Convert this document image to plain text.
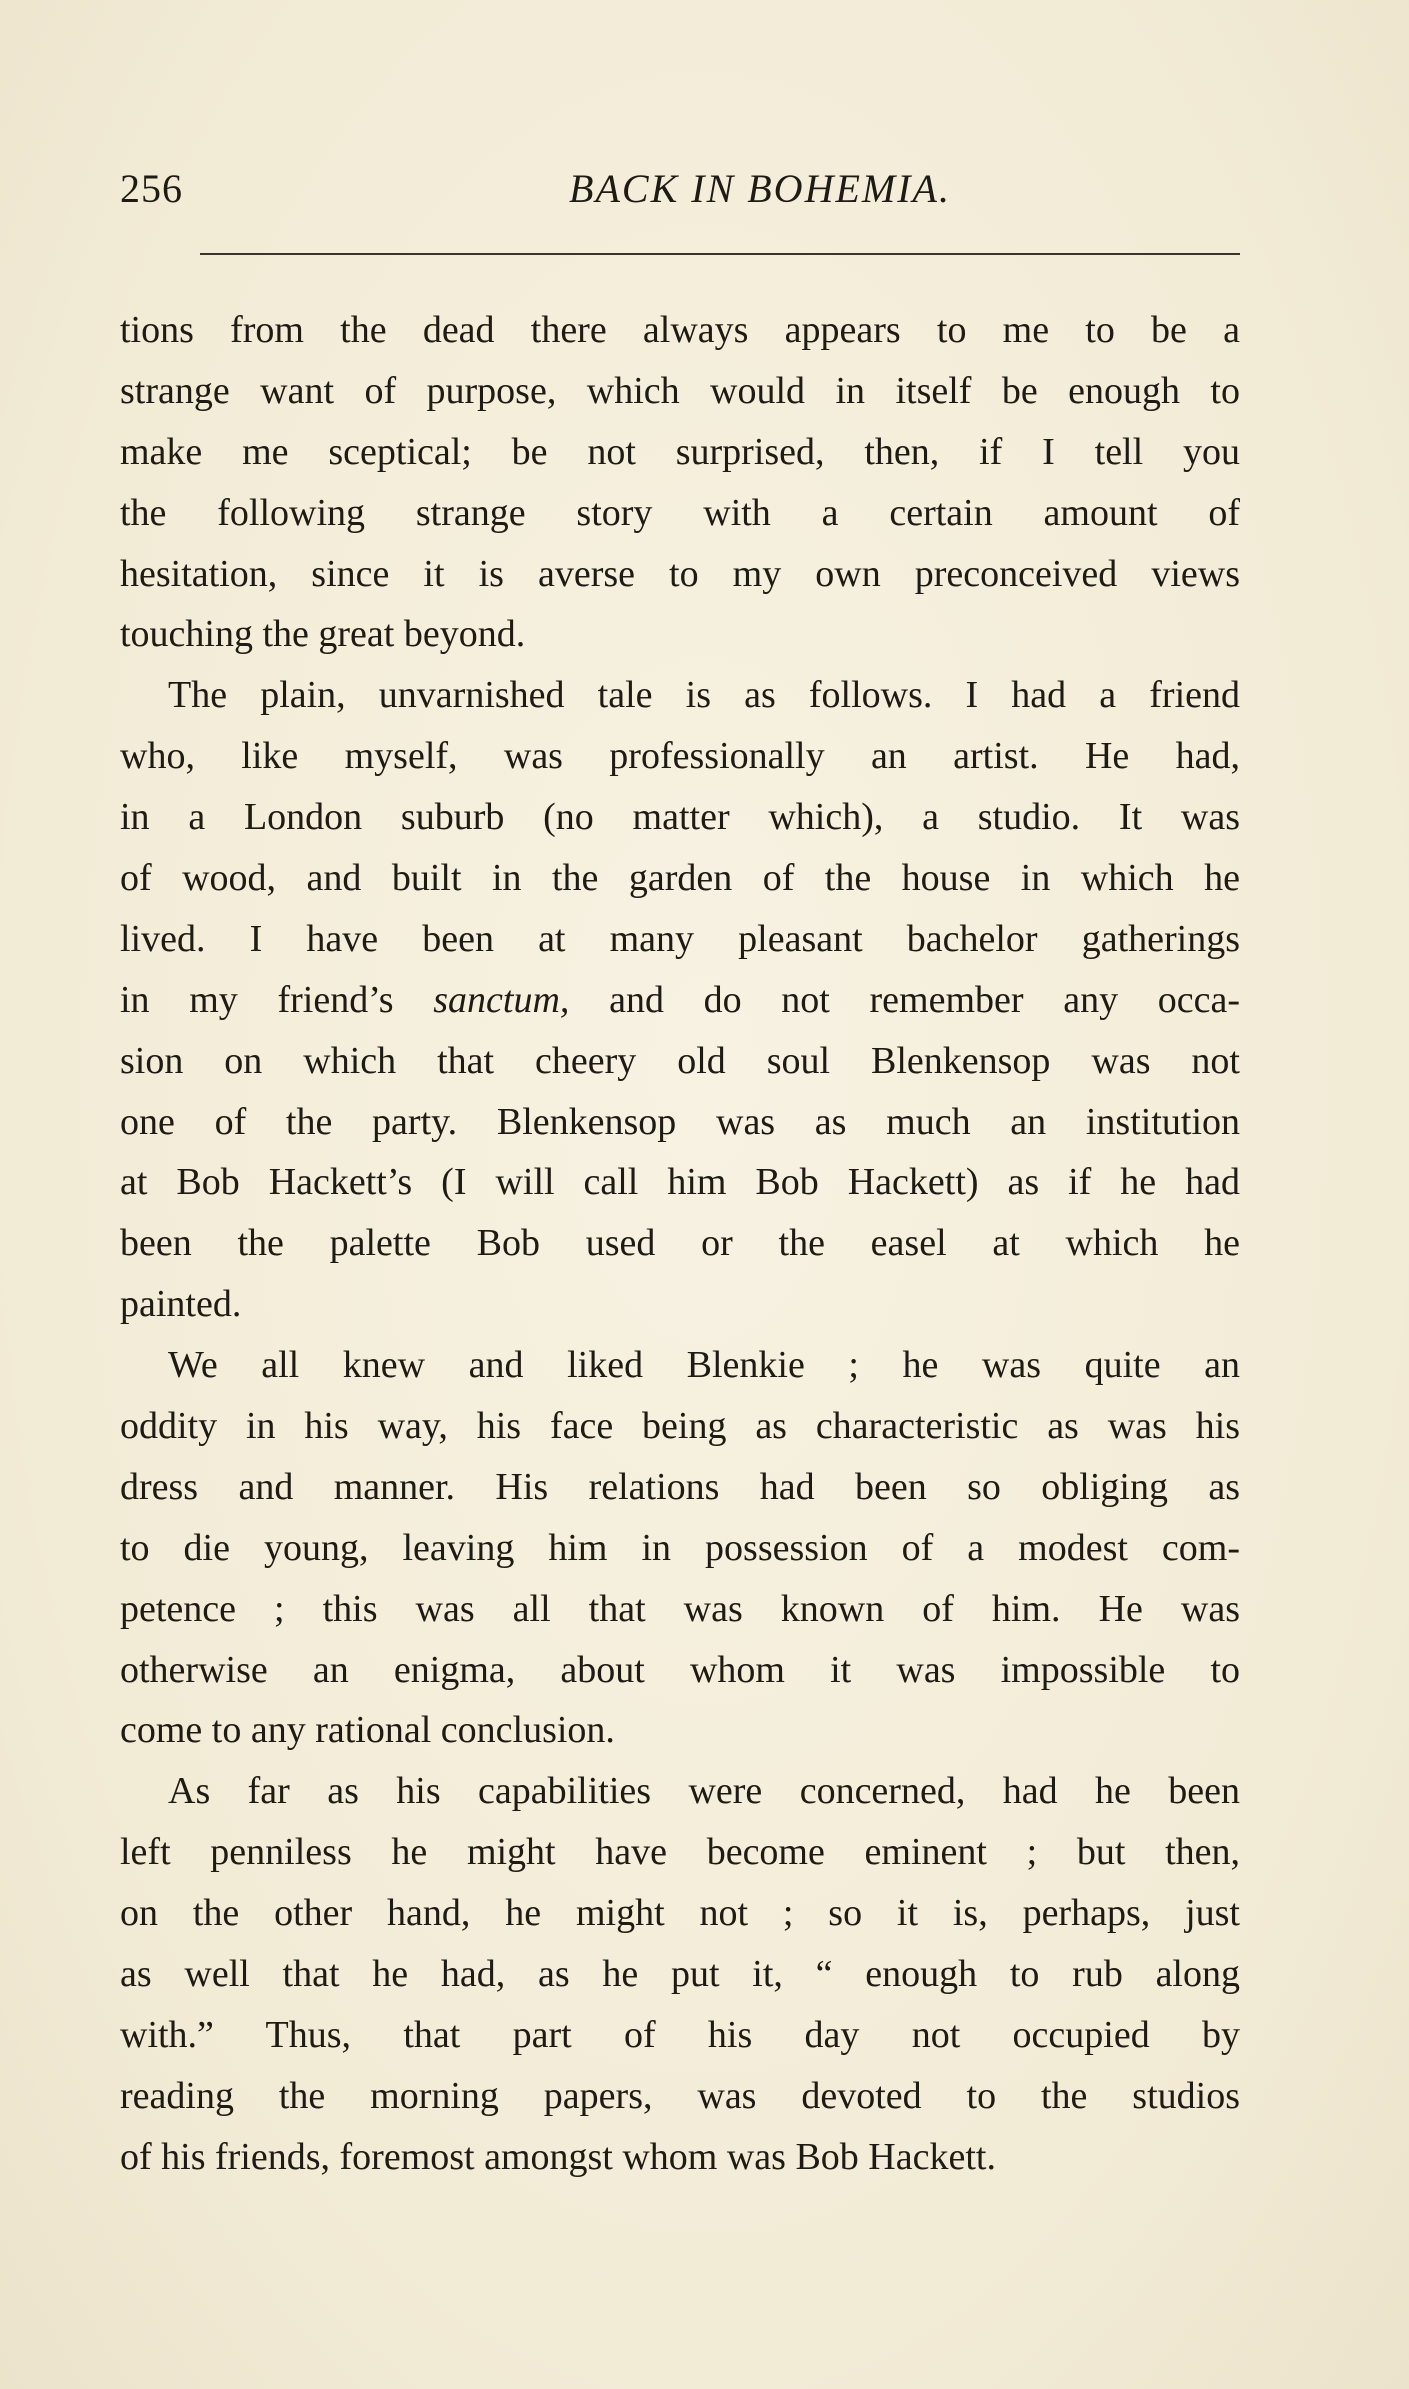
256	BACK IN BOHEMIA.
tions from the dead there always appears to me to be a
strange want of purpose, which would in itself be enough to
make me sceptical; be not surprised, then, if I tell you
the following strange story with a certain amount of
hesitation, since it is averse to my own preconceived views
touching the great beyond.
The plain, unvarnished tale is as follows. I had a friend
who, like myself, was professionally an artist. He had,
in a London suburb (no matter which), a studio. It was
of wood, and built in the garden of the house in which he
lived. I have been at many pleasant bachelor gatherings
in my friend’s sanctum, and do not remember any occa-
sion on which that cheery old soul Blenkensop was not
one of the party. Blenkensop was as much an institution
at Bob Hackett’s (I will call him Bob Hackett) as if he had
been the palette Bob used or the easel at which he
painted.
We all knew and liked Blenkie ; he was quite an
oddity in his way, his face being as characteristic as was his
dress and manner. His relations had been so obliging as
to die young, leaving him in possession of a modest com-
petence ; this was all that was known of him. He was
otherwise an enigma, about whom it was impossible to
come to any rational conclusion.
As far as his capabilities were concerned, had he been
left penniless he might have become eminent ; but then,
on the other hand, he might not ; so it is, perhaps, just
as well that he had, as he put it, “ enough to rub along
with.” Thus, that part of his day not occupied by
reading the morning papers, was devoted to the studios
of his friends, foremost amongst whom was Bob Hackett.
